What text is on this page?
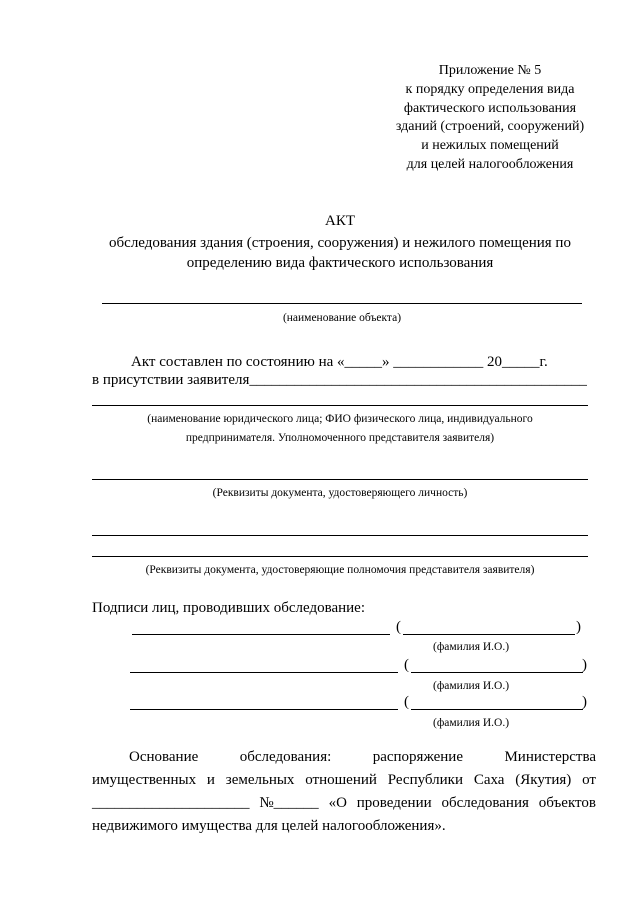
Приложение № 5
к порядку определения вида
фактического использования
зданий (строений, сооружений)
и нежилых помещений
для целей налогообложения
АКТ
обследования здания (строения, сооружения) и нежилого помещения по
определению вида фактического использования
(наименование объекта)
Акт составлен по состоянию на «_____» ____________ 20_____г.
в присутствии заявителя_____________________________________________
(наименование юридического лица; ФИО физического лица, индивидуального
предпринимателя. Уполномоченного представителя заявителя)
(Реквизиты документа, удостоверяющего личность)
(Реквизиты документа, удостоверяющие полномочия представителя заявителя)
Подписи лиц, проводивших обследование:
(	)
(фамилия И.О.)
(	)
(фамилия И.О.)
(	)
(фамилия И.О.)
Основание	обследования:	распоряжение	Министерства
имущественных и земельных отношений Республики Саха (Якутия) от
_____________________ №______ «О проведении обследования объектов
недвижимого имущества для целей налогообложения».
